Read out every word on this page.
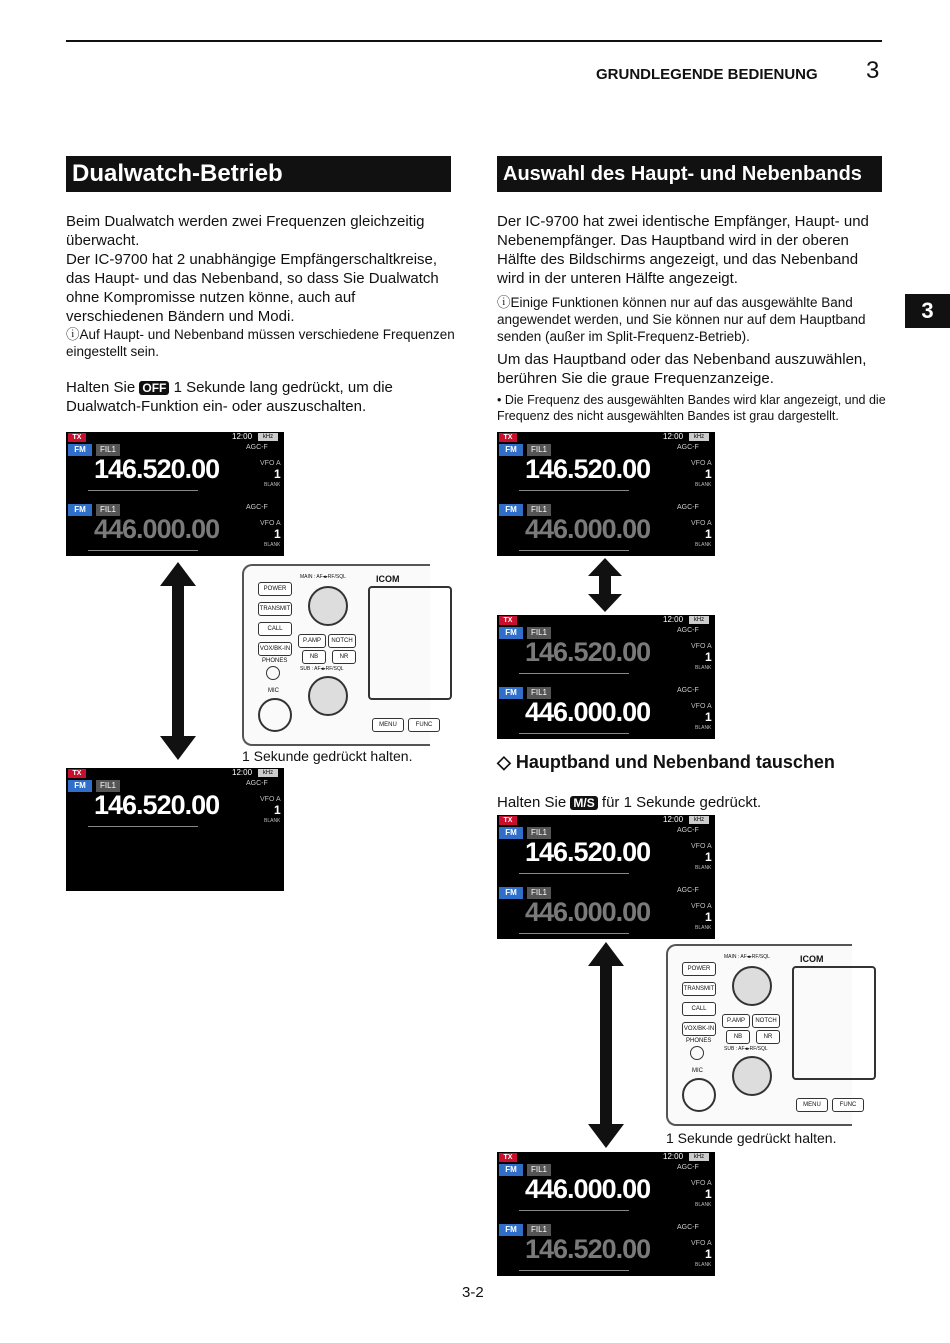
GRUNDLEGENDE BEDIENUNG 3
3
Dualwatch-Betrieb
Beim Dualwatch werden zwei Frequenzen gleichzeitig überwacht.
Der IC-9700 hat 2 unabhängige Empfängerschaltkreise, das Haupt- und das Nebenband, so dass Sie Dualwatch ohne Kompromisse nutzen könne, auch auf verschiedenen Bändern und Modi.
ⓘAuf Haupt- und Nebenband müssen verschiedene Frequenzen eingestellt sein.
Halten Sie OFF 1 Sekunde lang gedrückt, um die Dualwatch-Funktion ein- oder auszuschalten.
Auswahl des Haupt- und Nebenbands
Der IC-9700 hat zwei identische Empfänger, Haupt- und Nebenempfänger. Das Hauptband wird in der oberen Hälfte des Bildschirms angezeigt, und das Nebenband wird in der unteren Hälfte angezeigt.
ⓘEinige Funktionen können nur auf das ausgewählte Band angewendet werden, und Sie können nur auf dem Hauptband senden (außer im Split-Frequenz-Betrieb).
Um das Hauptband oder das Nebenband auszuwählen, berühren Sie die graue Frequenzanzeige.
• Die Frequenz des ausgewählten Bandes wird klar angezeigt, und die Frequenz des nicht ausgewählten Bandes ist grau dargestellt.
◇ Hauptband und Nebenband tauschen
Halten Sie M/S für 1 Sekunde gedrückt.
TX	12:00	kHz
FM	FIL1	AGC-F
146.520.00	VFO A
1
BLANK
FM	FIL1	AGC-F
446.000.00	VFO A
1
BLANK
TX	12:00	kHz
FM	FIL1	AGC-F
146.520.00	VFO A
1
BLANK
TX	12:00	kHz
FM	FIL1	AGC-F
146.520.00	VFO A
1
BLANK
FM	FIL1	AGC-F
446.000.00	VFO A
1
BLANK
TX	12:00	kHz
FM	FIL1	AGC-F
146.520.00	VFO A
1
BLANK
FM	FIL1	AGC-F
446.000.00	VFO A
1
BLANK
TX	12:00	kHz
FM	FIL1	AGC-F
146.520.00	VFO A
1
BLANK
FM	FIL1	AGC-F
446.000.00	VFO A
1
BLANK
TX	12:00	kHz
FM	FIL1	AGC-F
446.000.00	VFO A
1
BLANK
FM	FIL1	AGC-F
146.520.00	VFO A
1
BLANK
1 Sekunde gedrückt halten.
1 Sekunde gedrückt halten.
POWER
TRANSMIT
CALL
VOX/BK-IN
PHONES
MIC
MAIN : AF◂▸RF/SQL
P.AMP	NOTCH
NB	NR
SUB : AF◂▸RF/SQL
ICOM
MENU	FUNC
POWER
TRANSMIT
CALL
VOX/BK-IN
PHONES
MIC
MAIN : AF◂▸RF/SQL
P.AMP	NOTCH
NB	NR
SUB : AF◂▸RF/SQL
ICOM
MENU	FUNC
3-2
